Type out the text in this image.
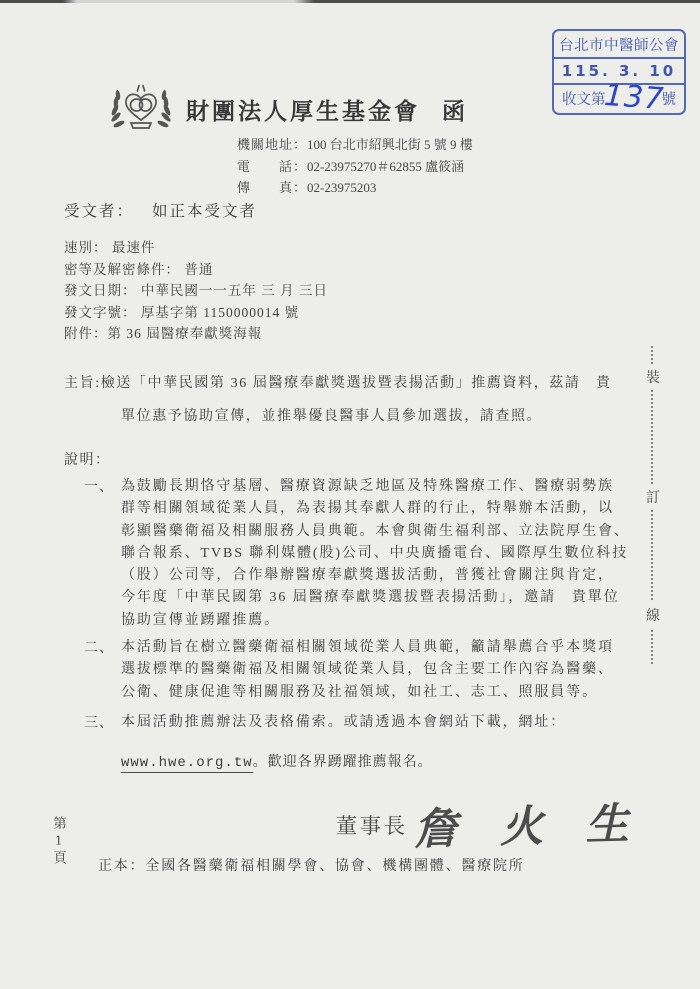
台北市中醫師公會
115. 3. 10
收文第	號
137
財團法人厚生基金會 函
機關地址：100 台北市紹興北街 5 號 9 樓
電　　話：02-23975270＃62855 盧筱涵
傳　　真：02-23975203
受文者： 如正本受文者
速別： 最速件
密等及解密條件： 普通
發文日期： 中華民國一一五年 三 月 三日
發文字號： 厚基字第 1150000014 號
附件：第 36 屆醫療奉獻獎海報
主旨:檢送「中華民國第 36 屆醫療奉獻獎選拔暨表揚活動」推薦資料，茲請　貴
單位惠予協助宣傳，並推舉優良醫事人員參加選拔，請查照。
說明：
一、 為鼓勵長期恪守基層、醫療資源缺乏地區及特殊醫療工作、醫療弱勢族
群等相關領域從業人員，為表揚其奉獻人群的行止，特舉辦本活動，以
彰顯醫藥衛福及相關服務人員典範。本會與衛生福利部、立法院厚生會、
聯合報系、TVBS 聯利媒體(股)公司、中央廣播電台、國際厚生數位科技
（股）公司等，合作舉辦醫療奉獻獎選拔活動，普獲社會關注與肯定，
今年度「中華民國第 36 屆醫療奉獻獎選拔暨表揚活動」，邀請　貴單位
協助宣傳並踴躍推薦。
二、 本活動旨在樹立醫藥衛福相關領域從業人員典範，籲請舉薦合乎本獎項
選拔標準的醫藥衛福及相關領域從業人員，包含主要工作內容為醫藥、
公衛、健康促進等相關服務及社福領域，如社工、志工、照服員等。
三、 本屆活動推薦辦法及表格備索。或請透過本會網站下載，網址：
www.hwe.org.tw。歡迎各界踴躍推薦報名。
董事長 詹 火 生
正本：全國各醫藥衛福相關學會、協會、機構團體、醫療院所
第1頁
裝
訂
線
